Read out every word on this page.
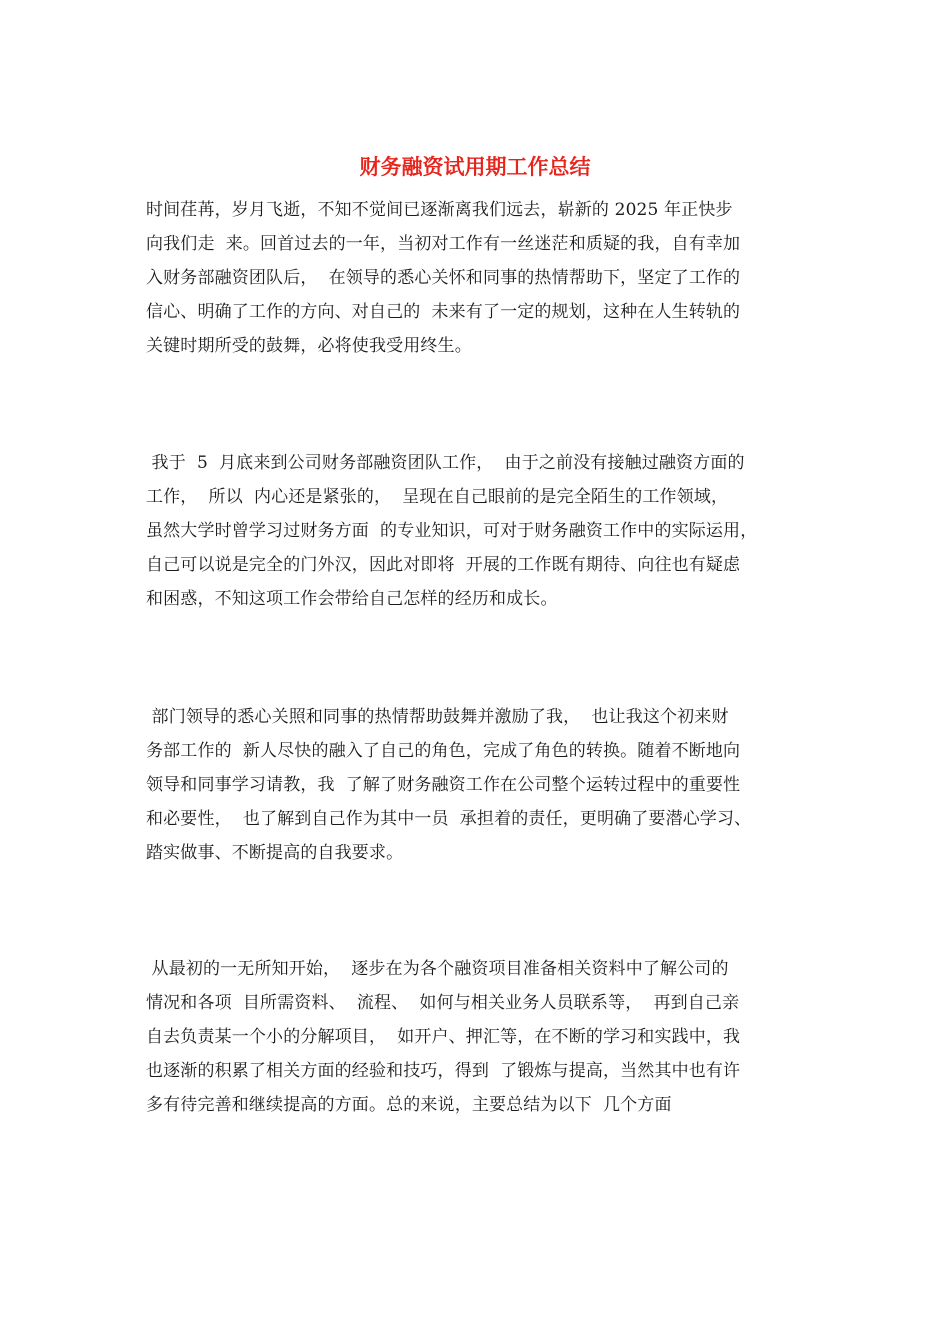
财务融资试用期工作总结
时间荏苒，岁月飞逝，不知不觉间已逐渐离我们远去，崭新的 2025 年正快步
向我们走  来。回首过去的一年，当初对工作有一丝迷茫和质疑的我，自有幸加
入财务部融资团队后，  在领导的悉心关怀和同事的热情帮助下，坚定了工作的
信心、明确了工作的方向、对自己的  未来有了一定的规划，这种在人生转轨的
关键时期所受的鼓舞，必将使我受用终生。
我于  5  月底来到公司财务部融资团队工作，  由于之前没有接触过融资方面的
工作，  所以  内心还是紧张的，  呈现在自己眼前的是完全陌生的工作领域，
虽然大学时曾学习过财务方面  的专业知识，可对于财务融资工作中的实际运用，
自己可以说是完全的门外汉，因此对即将  开展的工作既有期待、向往也有疑虑
和困惑，不知这项工作会带给自己怎样的经历和成长。
部门领导的悉心关照和同事的热情帮助鼓舞并激励了我，  也让我这个初来财
务部工作的  新人尽快的融入了自己的角色，完成了角色的转换。随着不断地向
领导和同事学习请教，我  了解了财务融资工作在公司整个运转过程中的重要性
和必要性，  也了解到自己作为其中一员  承担着的责任，更明确了要潜心学习、
踏实做事、不断提高的自我要求。
从最初的一无所知开始，  逐步在为各个融资项目准备相关资料中了解公司的
情况和各项  目所需资料、  流程、  如何与相关业务人员联系等，  再到自己亲
自去负责某一个小的分解项目，  如开户、押汇等，在不断的学习和实践中，我
也逐渐的积累了相关方面的经验和技巧，得到  了锻炼与提高，当然其中也有许
多有待完善和继续提高的方面。总的来说，主要总结为以下  几个方面
